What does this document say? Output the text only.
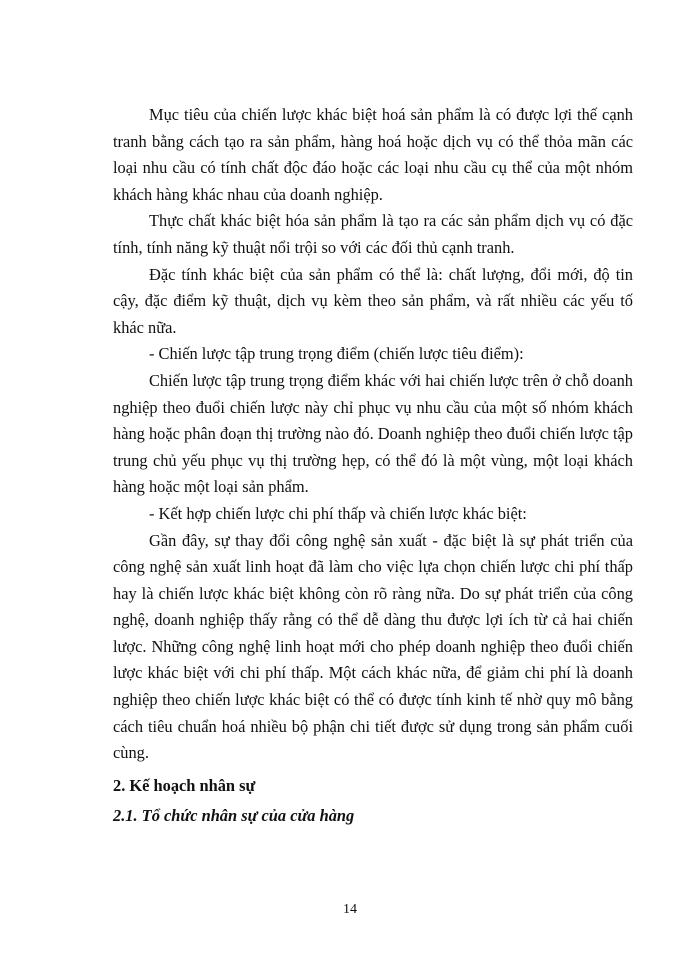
Mục tiêu của chiến lược khác biệt hoá sản phẩm là có được lợi thế cạnh tranh bằng cách tạo ra sản phẩm, hàng hoá hoặc dịch vụ có thể thỏa mãn các loại nhu cầu có tính chất độc đáo hoặc các loại nhu cầu cụ thể của một nhóm khách hàng khác nhau của doanh nghiệp.

Thực chất khác biệt hóa sản phẩm là tạo ra các sản phẩm dịch vụ có đặc tính, tính năng kỹ thuật nổi trội so với các đối thủ cạnh tranh.

Đặc tính khác biệt của sản phẩm có thể là: chất lượng, đổi mới, độ tin cậy, đặc điểm kỹ thuật, dịch vụ kèm theo sản phẩm, và rất nhiều các yếu tố khác nữa.

- Chiến lược tập trung trọng điểm (chiến lược tiêu điểm):

Chiến lược tập trung trọng điểm khác với hai chiến lược trên ở chỗ doanh nghiệp theo đuổi chiến lược này chỉ phục vụ nhu cầu của một số nhóm khách hàng hoặc phân đoạn thị trường nào đó. Doanh nghiệp theo đuổi chiến lược tập trung chủ yếu phục vụ thị trường hẹp, có thể đó là một vùng, một loại khách hàng hoặc một loại sản phẩm.

- Kết hợp chiến lược chi phí thấp và chiến lược khác biệt:

Gần đây, sự thay đổi công nghệ sản xuất - đặc biệt là sự phát triển của công nghệ sản xuất linh hoạt đã làm cho việc lựa chọn chiến lược chi phí thấp hay là chiến lược khác biệt không còn rõ ràng nữa. Do sự phát triển của công nghệ, doanh nghiệp thấy rằng có thể dễ dàng thu được lợi ích từ cả hai chiến lược. Những công nghệ linh hoạt mới cho phép doanh nghiệp theo đuổi chiến lược khác biệt với chi phí thấp. Một cách khác nữa, để giảm chi phí là doanh nghiệp theo chiến lược khác biệt có thể có được tính kinh tế nhờ quy mô bằng cách tiêu chuẩn hoá nhiều bộ phận chi tiết được sử dụng trong sản phẩm cuối cùng.

2. Kế hoạch nhân sự

2.1. Tổ chức nhân sự của cửa hàng

14
